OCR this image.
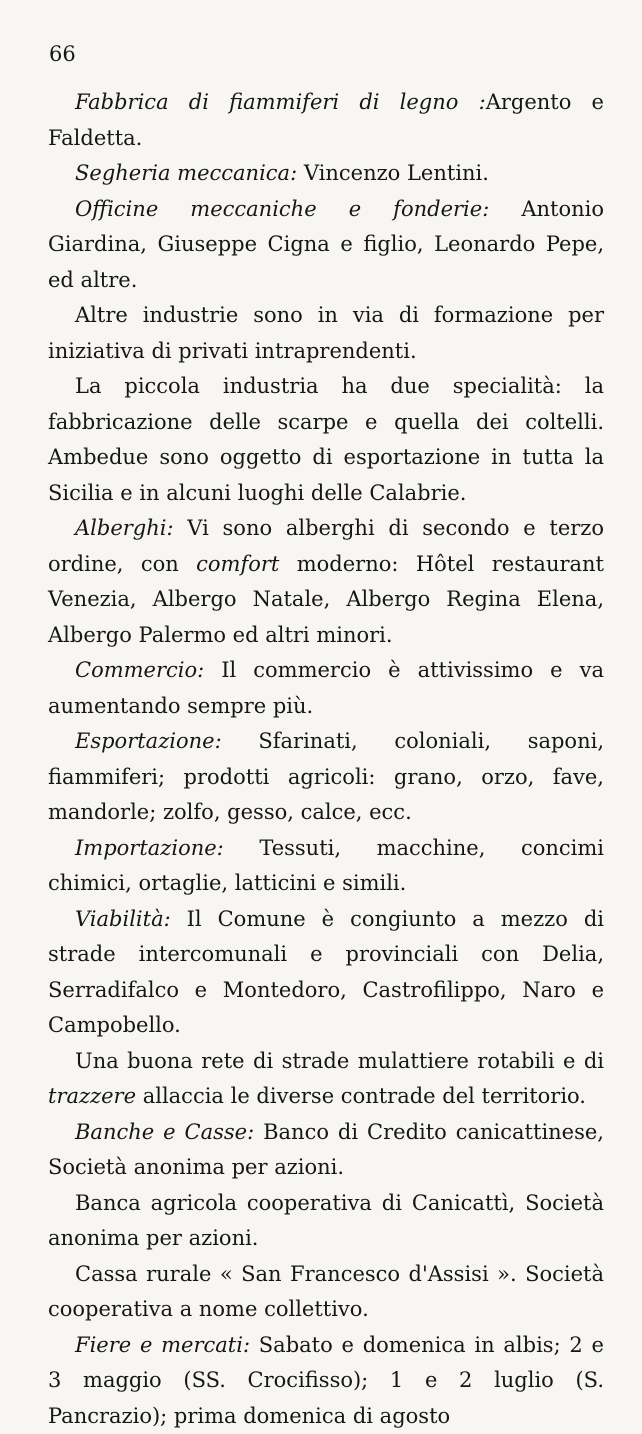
66

Fabbrica di fiammiferi di legno :Argento e Faldetta.

Segheria meccanica: Vincenzo Lentini.

Officine meccaniche e fonderie: Antonio Giardina, Giuseppe Cigna e figlio, Leonardo Pepe, ed altre.

Altre industrie sono in via di formazione per iniziativa di privati intraprendenti.

La piccola industria ha due specialità: la fabbricazione delle scarpe e quella dei coltelli. Ambedue sono oggetto di esportazione in tutta la Sicilia e in alcuni luoghi delle Calabrie.

Alberghi: Vi sono alberghi di secondo e terzo ordine, con comfort moderno: Hôtel restaurant Venezia, Albergo Natale, Albergo Regina Elena, Albergo Palermo ed altri minori.

Commercio: Il commercio è attivissimo e va aumentando sempre più.

Esportazione: Sfarinati, coloniali, saponi, fiammiferi; prodotti agricoli: grano, orzo, fave, mandorle; zolfo, gesso, calce, ecc.

Importazione: Tessuti, macchine, concimi chimici, ortaglie, latticini e simili.

Viabilità: Il Comune è congiunto a mezzo di strade intercomunali e provinciali con Delia, Serradifalco e Montedoro, Castrofilippo, Naro e Campobello.

Una buona rete di strade mulattiere rotabili e di trazzere allaccia le diverse contrade del territorio.

Banche e Casse: Banco di Credito canicattinese, Società anonima per azioni.

Banca agricola cooperativa di Canicattì, Società anonima per azioni.

Cassa rurale « San Francesco d'Assisi ». Società cooperativa a nome collettivo.

Fiere e mercati: Sabato e domenica in albis; 2 e 3 maggio (SS. Crocifisso); 1 e 2 luglio (S. Pancrazio); prima domenica di agosto
